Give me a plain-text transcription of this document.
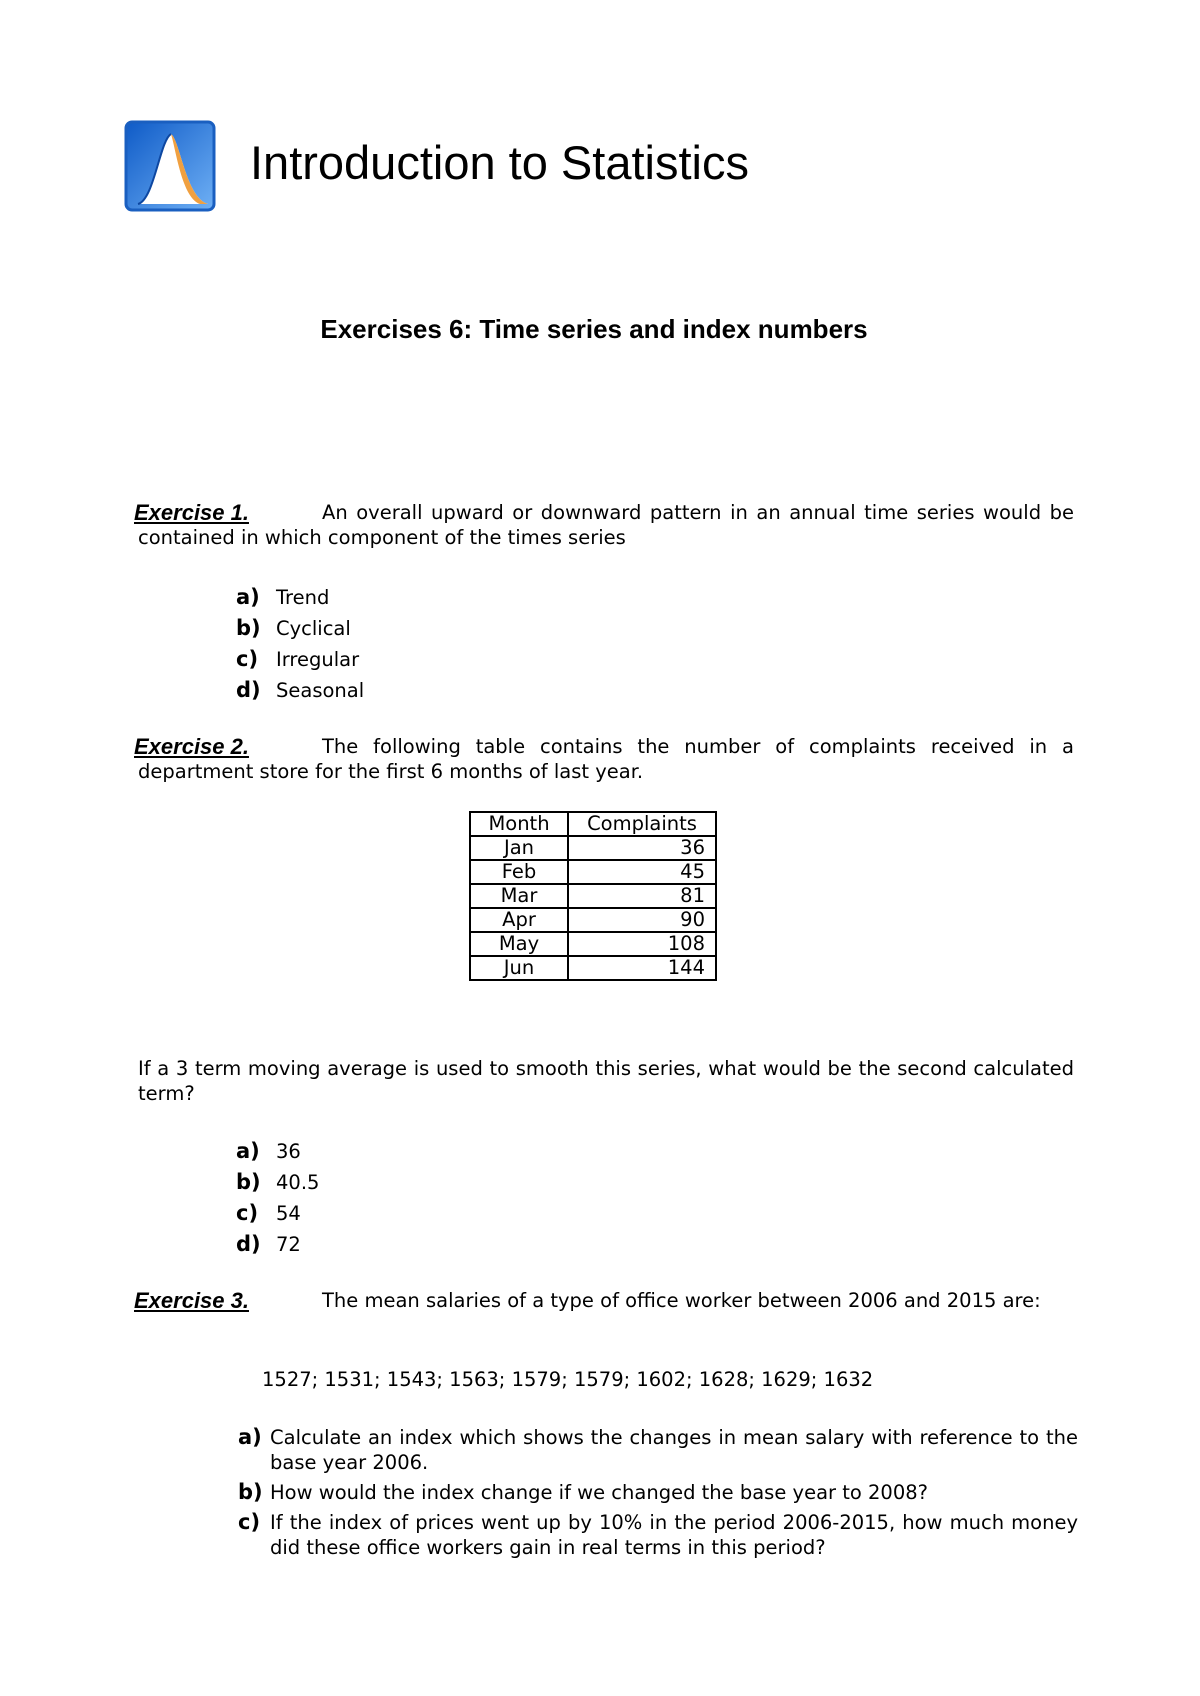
Introduction to Statistics
Exercises 6: Time series and index numbers
Exercise 1.	An overall upward or downward pattern in an annual time series would be contained in which component of the times series
a) Trend
b) Cyclical
c) Irregular
d) Seasonal
Exercise 2.	The following table contains the number of complaints received in a department store for the first 6 months of last year.
Month	Complaints
Jan	36
Feb	45
Mar	81
Apr	90
May	108
Jun	144
If a 3 term moving average is used to smooth this series, what would be the second calculated term?
a) 36
b) 40.5
c) 54
d) 72
Exercise 3.	The mean salaries of a type of office worker between 2006 and 2015 are:
1527; 1531; 1543; 1563; 1579; 1579; 1602; 1628; 1629; 1632
a) Calculate an index which shows the changes in mean salary with reference to the base year 2006.
b) How would the index change if we changed the base year to 2008?
c) If the index of prices went up by 10% in the period 2006-2015, how much money did these office workers gain in real terms in this period?
